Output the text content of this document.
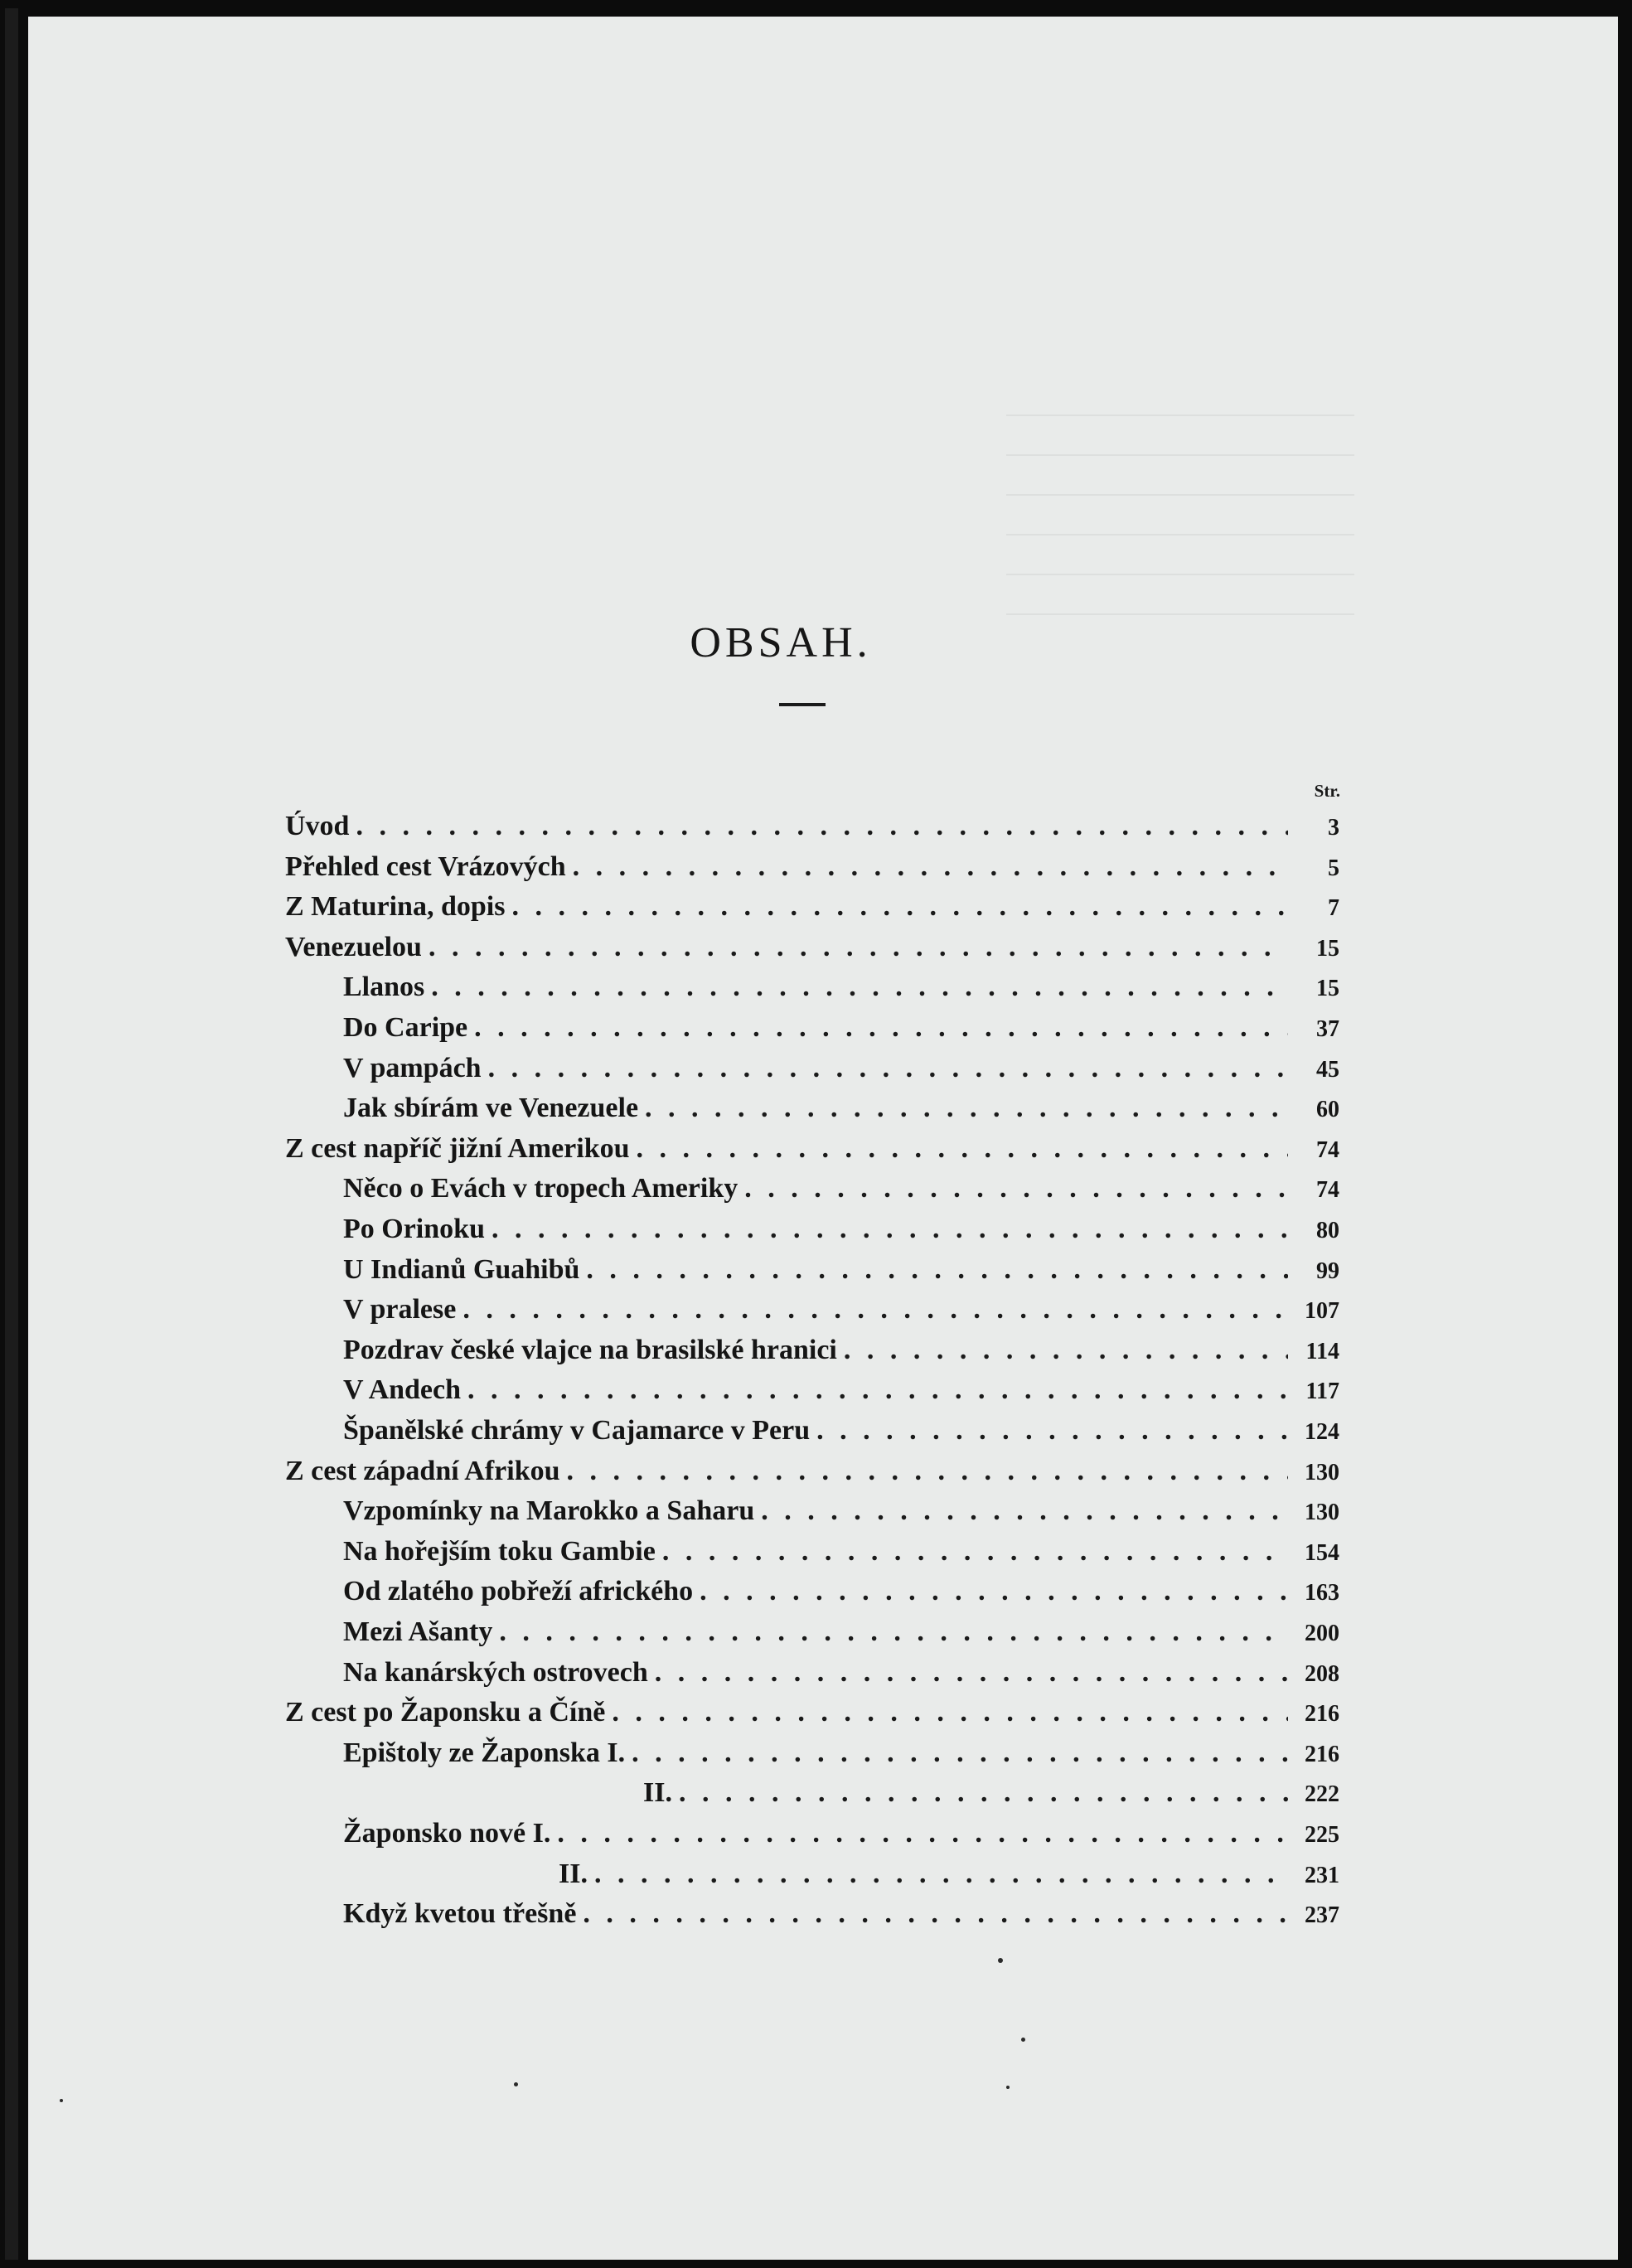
OBSAH.
Str.
Úvod . . .	3
Přehled cest Vrázových . . .	5
Z Maturina, dopis . . .	7
Venezuelou . . .	15
Llanos . . .	15
Do Caripe . . .	37
V pampách . . .	45
Jak sbírám ve Venezuele . . .	60
Z cest napříč jižní Amerikou . . .	74
Něco o Evách v tropech Ameriky . . .	74
Po Orinoku . . .	80
U Indianů Guahibů . . .	99
V pralese . . .	107
Pozdrav české vlajce na brasilské hranici . . .	114
V Andech . . .	117
Španělské chrámy v Cajamarce v Peru . . .	124
Z cest západní Afrikou . . .	130
Vzpomínky na Marokko a Saharu . . .	130
Na hořejším toku Gambie . . .	154
Od zlatého pobřeží afrického . . .	163
Mezi Ašanty . . .	200
Na kanárských ostrovech . . .	208
Z cest po Žaponsku a Číně . . .	216
Epištoly ze Žaponska I. . . .	216
II. . . .	222
Žaponsko nové I. . . .	225
II. . . .	231
Když kvetou třešně . . .	237
